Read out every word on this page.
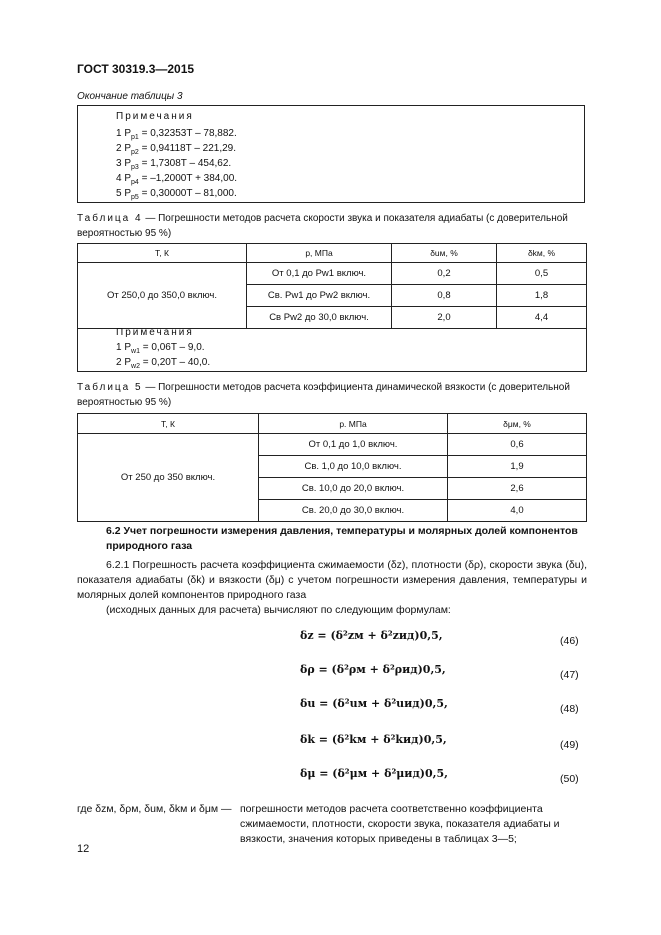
ГОСТ 30319.3—2015
Окончание таблицы 3
Примечания
1 $P_{p1} = 0,32353T - 78,882$.
2 $P_{p2} = 0,94118T - 221,29$.
3 $P_{p3} = 1,7308T - 454,62$.
4 $P_{p4} = -1,2000T + 384,00$.
5 $P_{p5} = 0,30000T - 81,000$.
Таблица 4 — Погрешности методов расчета скорости звука и показателя адиабаты (с доверительной вероятностью 95 %)
Т, К	р, МПа	δuм, %	δkм, %
От 250,0 до 350,0 включ.	От 0,1 до Pw1 включ.	0,2	0,5
	Св. Pw1 до Pw2 включ.	0,8	1,8
	Св Pw2 до 30,0 включ.	2,0	4,4
Примечания
1 $P_{w1} = 0,06T - 9,0$.
2 $P_{w2} = 0,20T - 40,0$.
Таблица 5 — Погрешности методов расчета коэффициента динамической вязкости (с доверительной вероятностью 95 %)
Т, К	р. МПа	δμм, %
От 250 до 350 включ.	От 0,1 до 1,0 включ.	0,6
	Св. 1,0 до 10,0 включ.	1,9
	Св. 10,0 до 20,0 включ.	2,6
	Св. 20,0 до 30,0 включ.	4,0
6.2 Учет погрешности измерения давления, температуры и молярных долей компонентов природного газа
6.2.1 Погрешность расчета коэффициента сжимаемости (δz), плотности (δρ), скорости звука (δu), показателя адиабаты (δk) и вязкости (δμ) с учетом погрешности измерения давления, температуры и молярных долей компонентов природного газа
(исходных данных для расчета) вычисляют по следующим формулам:
δz = (δ²zм + δ²zид)0,5,	(46)
δρ = (δ²ρм + δ²ρид)0,5,	(47)
δu = (δ²uм + δ²uид)0,5,	(48)
δk = (δ²kм + δ²kид)0,5,	(49)
δμ = (δ²μм + δ²μид)0,5,	(50)
где δzм, δρм, δuм, δkм и δμм — погрешности методов расчета соответственно коэффициента сжимаемости, плотности, скорости звука, показателя адиабаты и вязкости, значения которых приведены в таблицах 3—5;
12
